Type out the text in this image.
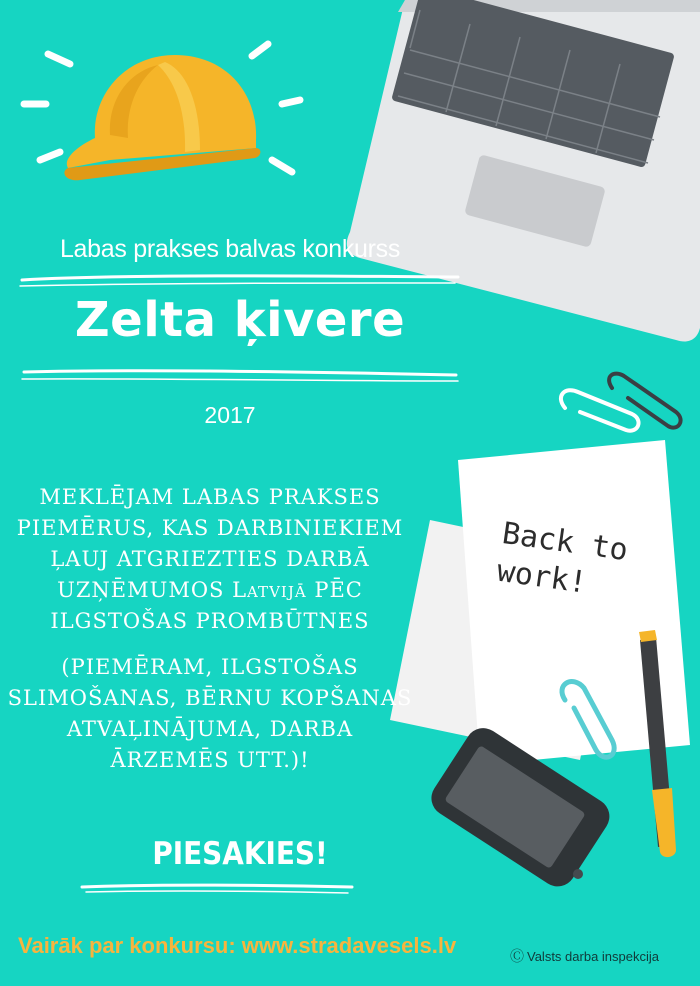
Back to
work!
Labas prakses balvas konkurss
Zelta ķivere
2017
MEKLĒJAM LABAS PRAKSES
PIEMĒRUS, KAS DARBINIEKIEM
ĻAUJ ATGRIEZTIES DARBĀ
UZŅĒMUMOS Latvijā PĒC
ILGSTOŠAS PROMBŪTNES
(PIEMĒRAM, ILGSTOŠAS
SLIMOŠANAS, BĒRNU KOPŠANAS
ATVAĻINĀJUMA, DARBA
ĀRZEMĒS UTT.)!
PIESAKIES!
Vairāk par konkursu: www.stradavesels.lv	Ⓒ Valsts darba inspekcija
